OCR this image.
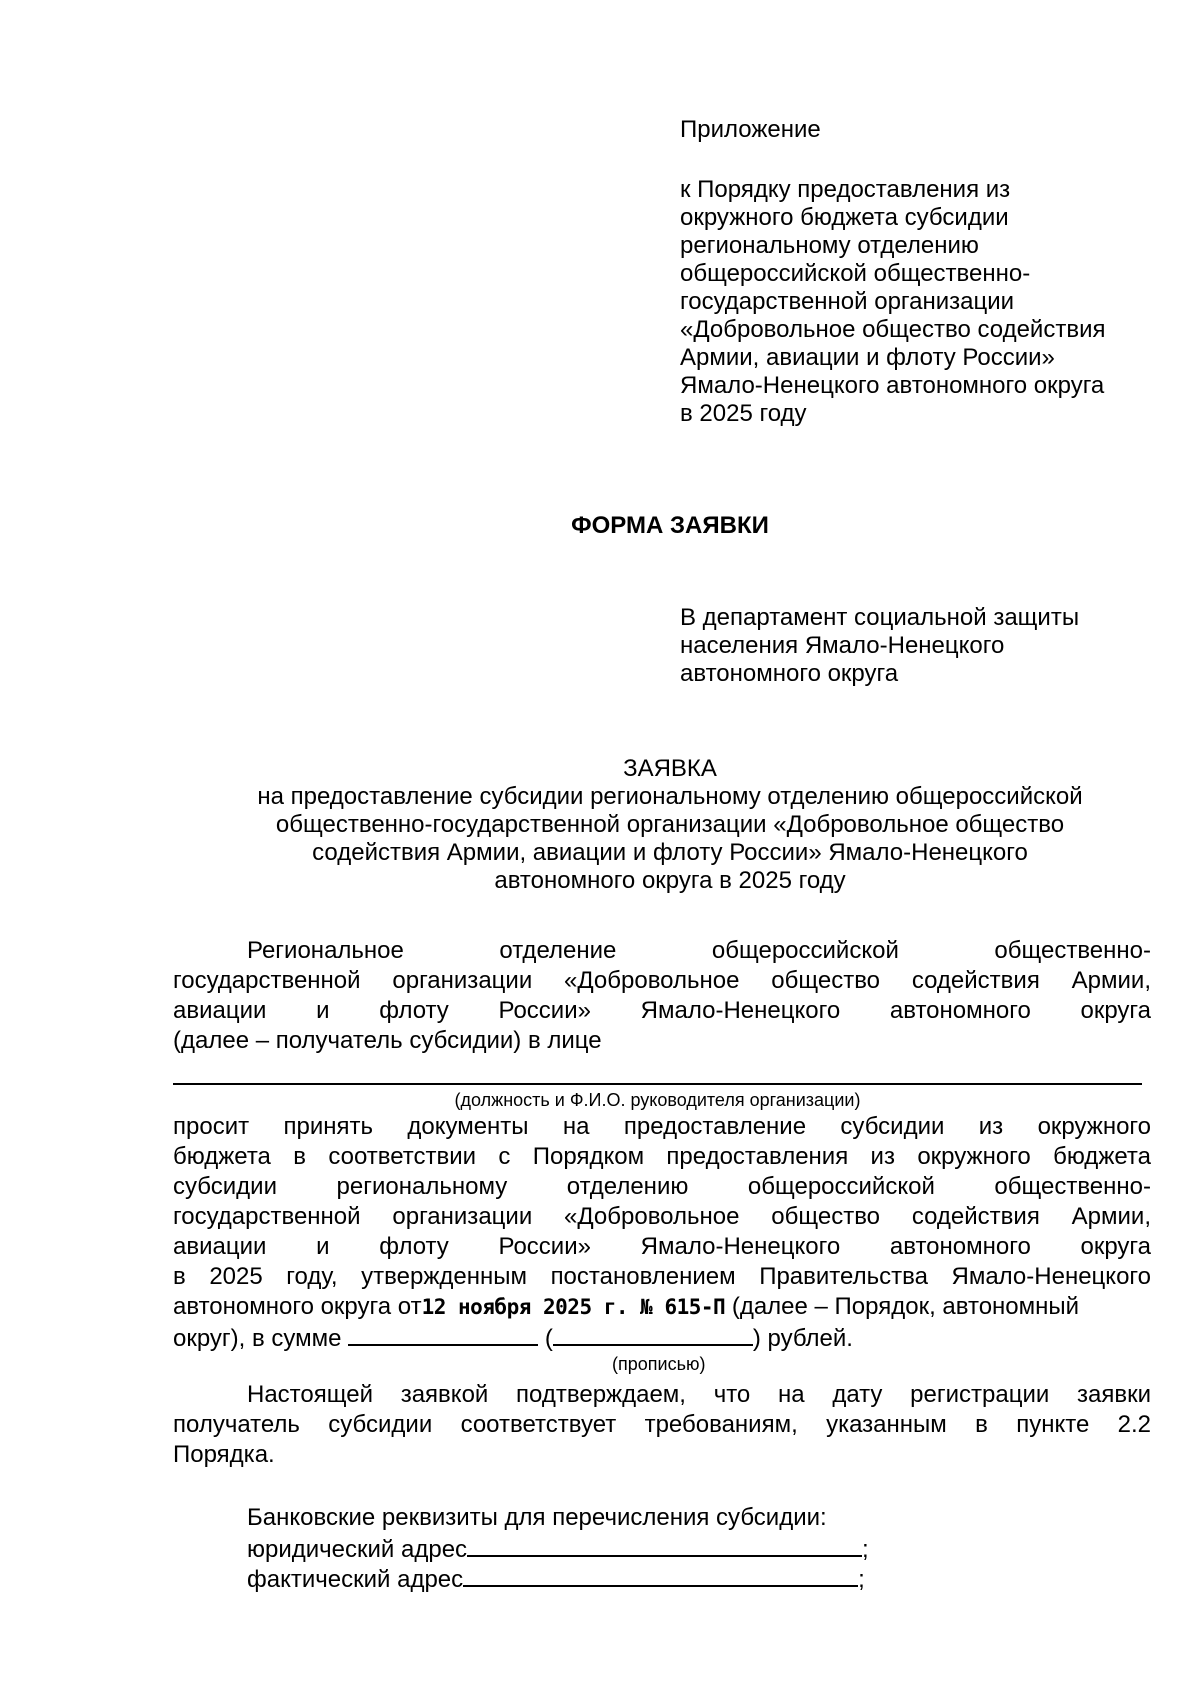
Приложение
к Порядку предоставления из
окружного бюджета субсидии
региональному отделению
общероссийской общественно-
государственной организации
«Добровольное общество содействия
Армии, авиации и флоту России»
Ямало-Ненецкого автономного округа
в 2025 году
ФОРМА ЗАЯВКИ
В департамент социальной защиты
населения Ямало-Ненецкого
автономного округа
ЗАЯВКА
на предоставление субсидии региональному отделению общероссийской
общественно-государственной организации «Добровольное общество
содействия Армии, авиации и флоту России» Ямало-Ненецкого
автономного округа в 2025 году
Региональное отделение общероссийской общественно-
государственной организации «Добровольное общество содействия Армии,
авиации и флоту России» Ямало-Ненецкого автономного округа
(далее – получатель субсидии) в лице
(должность и Ф.И.О. руководителя организации)
просит принять документы на предоставление субсидии из окружного
бюджета в соответствии с Порядком предоставления из окружного бюджета
субсидии региональному отделению общероссийской общественно-
государственной организации «Добровольное общество содействия Армии,
авиации и флоту России» Ямало-Ненецкого автономного округа
в 2025 году, утвержденным постановлением Правительства Ямало-Ненецкого
автономного округа от12 ноября 2025 г. № 615-П (далее – Порядок, автономный
округ), в сумме	(	) рублей.
(прописью)
Настоящей заявкой подтверждаем, что на дату регистрации заявки
получатель субсидии соответствует требованиям, указанным в пункте 2.2
Порядка.
Банковские реквизиты для перечисления субсидии:
юридический адрес	;
фактический адрес	;
